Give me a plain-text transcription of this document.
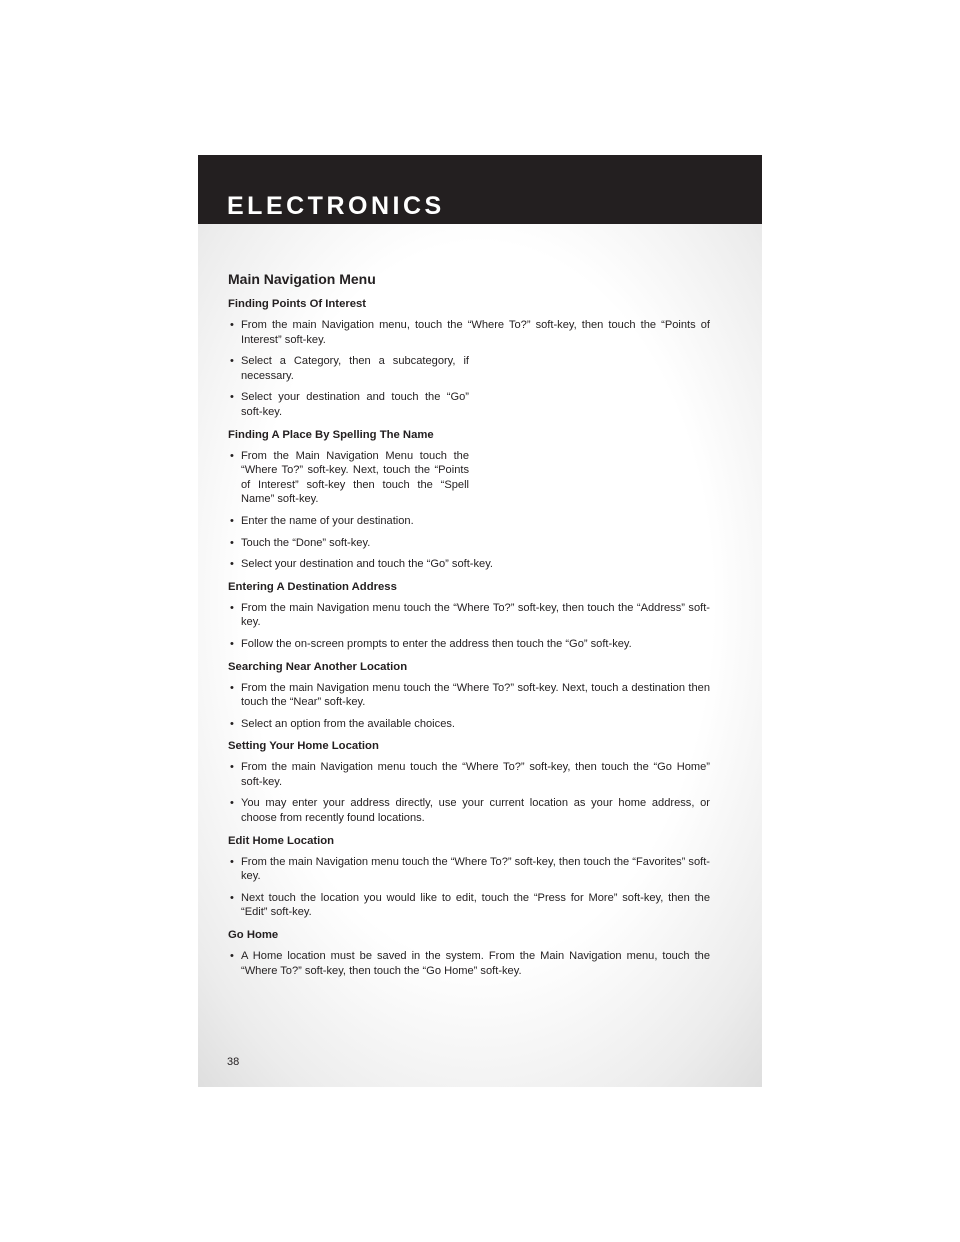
ELECTRONICS
Main Navigation Menu
Finding Points Of Interest
• From the main Navigation menu, touch the “Where To?” soft-key, then touch the “Points of Interest” soft-key.
• Select a Category, then a subcategory, if necessary.
• Select your destination and touch the “Go” soft-key.
Finding A Place By Spelling The Name
• From the Main Navigation Menu touch the “Where To?” soft-key. Next, touch the “Points of Interest” soft-key then touch the “Spell Name” soft-key.
• Enter the name of your destination.
• Touch the “Done” soft-key.
• Select your destination and touch the “Go” soft-key.
Entering A Destination Address
• From the main Navigation menu touch the “Where To?” soft-key, then touch the “Address” soft-key.
• Follow the on-screen prompts to enter the address then touch the “Go” soft-key.
Searching Near Another Location
• From the main Navigation menu touch the “Where To?” soft-key. Next, touch a destination then touch the “Near” soft-key.
• Select an option from the available choices.
Setting Your Home Location
• From the main Navigation menu touch the “Where To?” soft-key, then touch the “Go Home” soft-key.
• You may enter your address directly, use your current location as your home address, or choose from recently found locations.
Edit Home Location
• From the main Navigation menu touch the “Where To?” soft-key, then touch the “Favorites” soft-key.
• Next touch the location you would like to edit, touch the “Press for More” soft-key, then the “Edit” soft-key.
Go Home
• A Home location must be saved in the system. From the Main Navigation menu, touch the “Where To?” soft-key, then touch the “Go Home” soft-key.
38
